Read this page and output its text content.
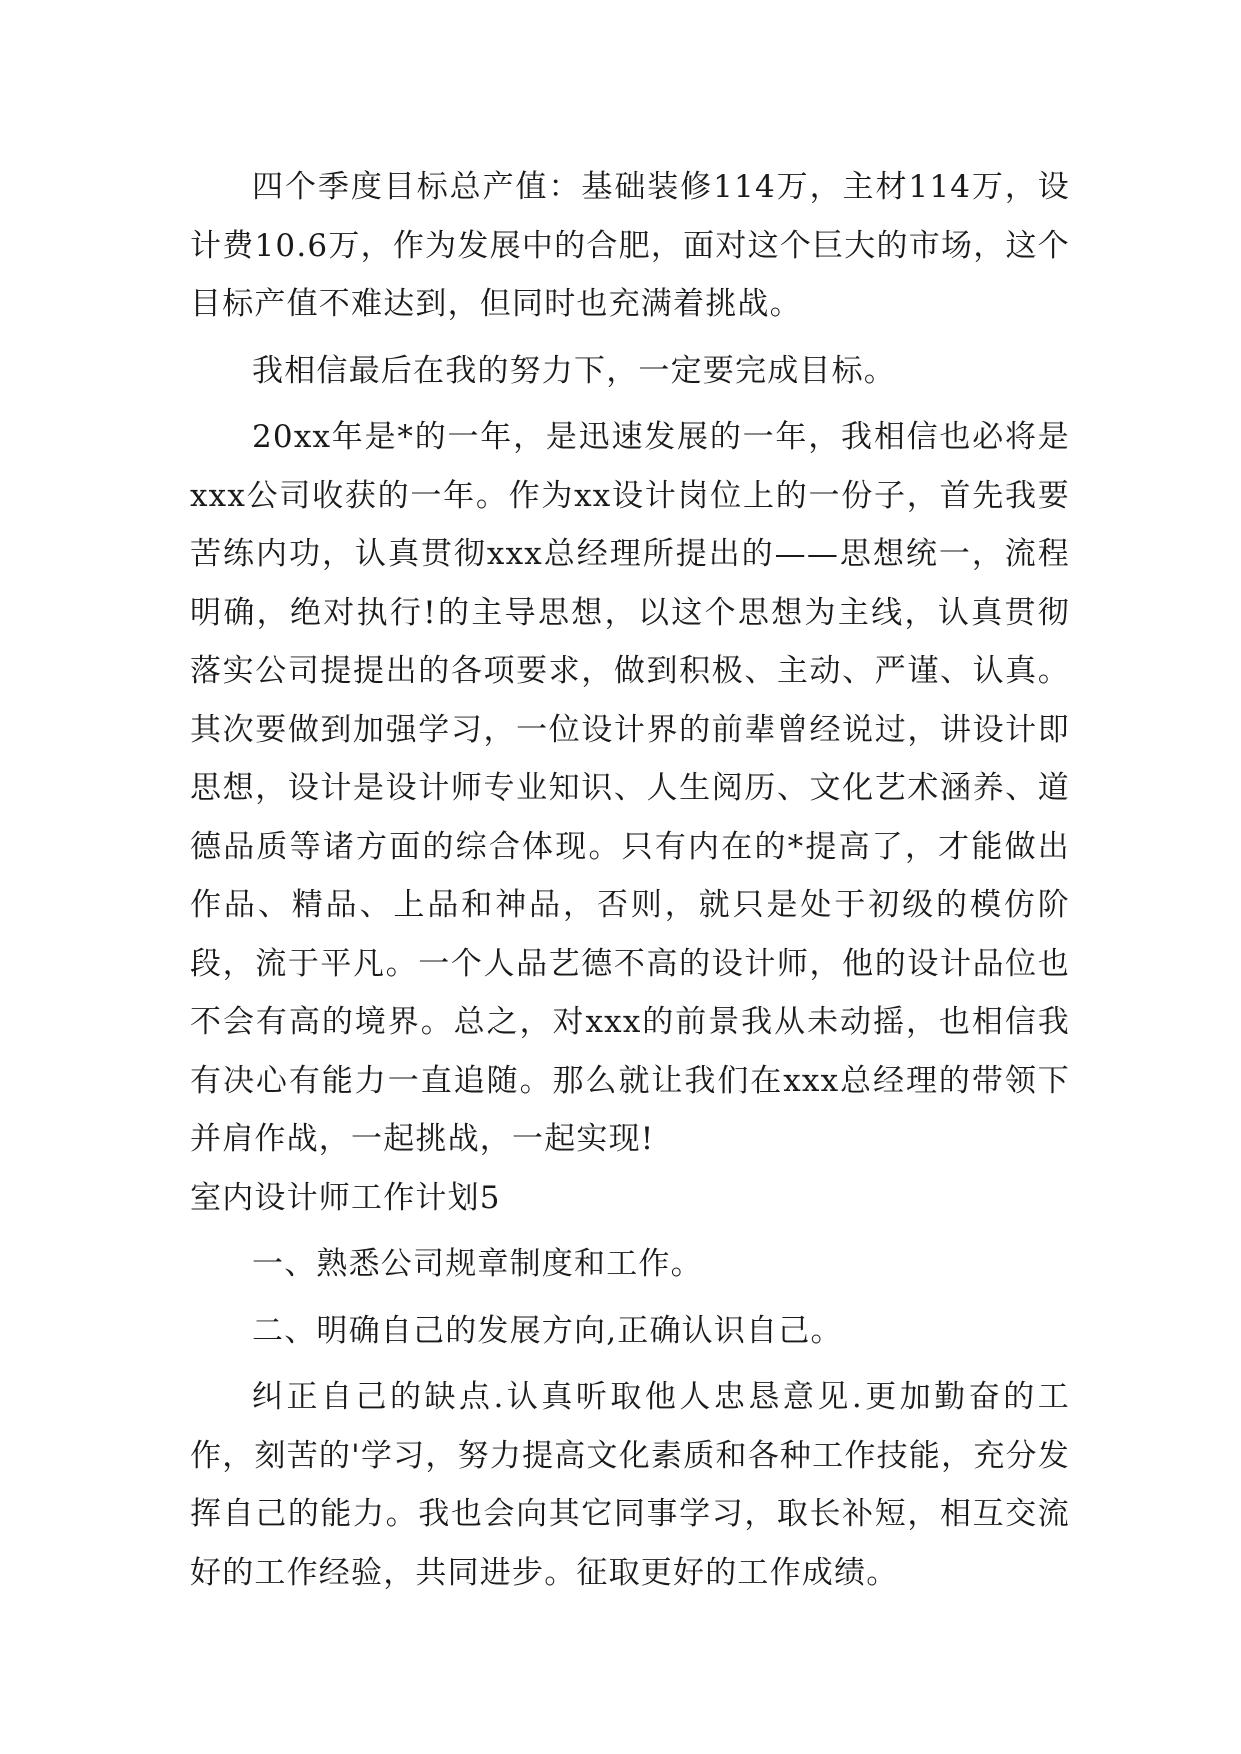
四个季度目标总产值：基础装修114万，主材114万，设计费10.6万，作为发展中的合肥，面对这个巨大的市场，这个目标产值不难达到，但同时也充满着挑战。

我相信最后在我的努力下，一定要完成目标。

20xx年是*的一年，是迅速发展的一年，我相信也必将是xxx公司收获的一年。作为xx设计岗位上的一份子，首先我要苦练内功，认真贯彻xxx总经理所提出的——思想统一，流程明确，绝对执行!的主导思想，以这个思想为主线，认真贯彻落实公司提提出的各项要求，做到积极、主动、严谨、认真。其次要做到加强学习，一位设计界的前辈曾经说过，讲设计即思想，设计是设计师专业知识、人生阅历、文化艺术涵养、道德品质等诸方面的综合体现。只有内在的*提高了，才能做出作品、精品、上品和神品，否则，就只是处于初级的模仿阶段，流于平凡。一个人品艺德不高的设计师，他的设计品位也不会有高的境界。总之，对xxx的前景我从未动摇，也相信我有决心有能力一直追随。那么就让我们在xxx总经理的带领下并肩作战，一起挑战，一起实现!

室内设计师工作计划5

一、熟悉公司规章制度和工作。

二、明确自己的发展方向,正确认识自己。

纠正自己的缺点.认真听取他人忠恳意见.更加勤奋的工作，刻苦的'学习，努力提高文化素质和各种工作技能，充分发挥自己的能力。我也会向其它同事学习，取长补短，相互交流好的工作经验，共同进步。征取更好的工作成绩。
